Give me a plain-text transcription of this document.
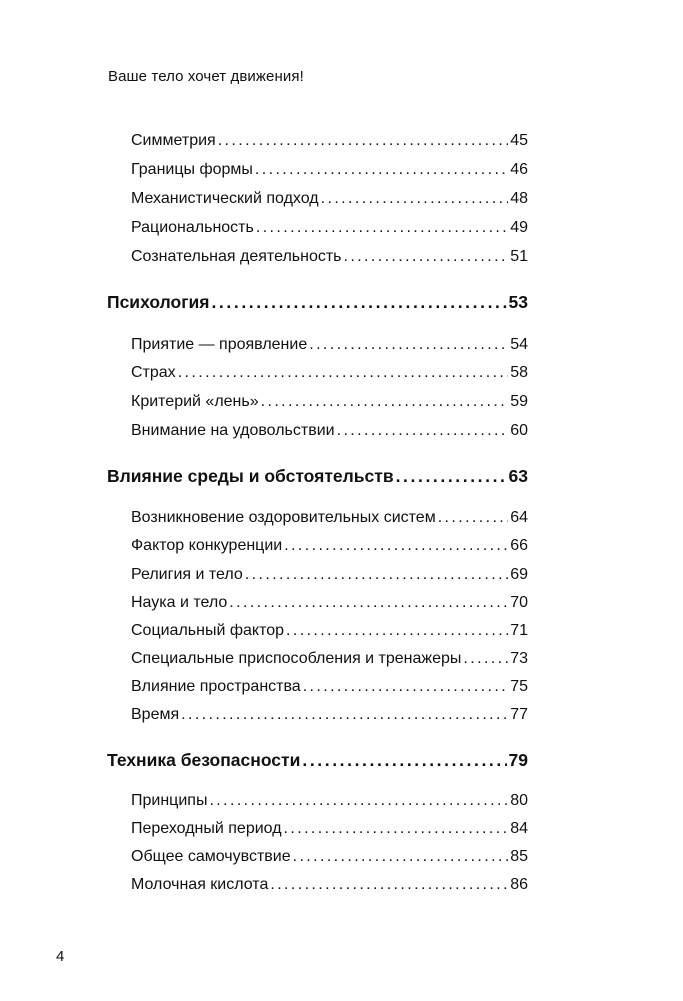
Ваше тело хочет движения!
Симметрия .....	45
Границы формы .....	46
Механистический подход .....	48
Рациональность .....	49
Сознательная деятельность .....	51
Психология .....	53
Приятие — проявление .....	54
Страх .....	58
Критерий «лень» .....	59
Внимание на удовольствии .....	60
Влияние среды и обстоятельств .....	63
Возникновение оздоровительных систем .....	64
Фактор конкуренции .....	66
Религия и тело .....	69
Наука и тело .....	70
Социальный фактор .....	71
Специальные приспособления и тренажеры .....	73
Влияние пространства .....	75
Время .....	77
Техника безопасности .....	79
Принципы .....	80
Переходный период .....	84
Общее самочувствие .....	85
Молочная кислота .....	86
4
